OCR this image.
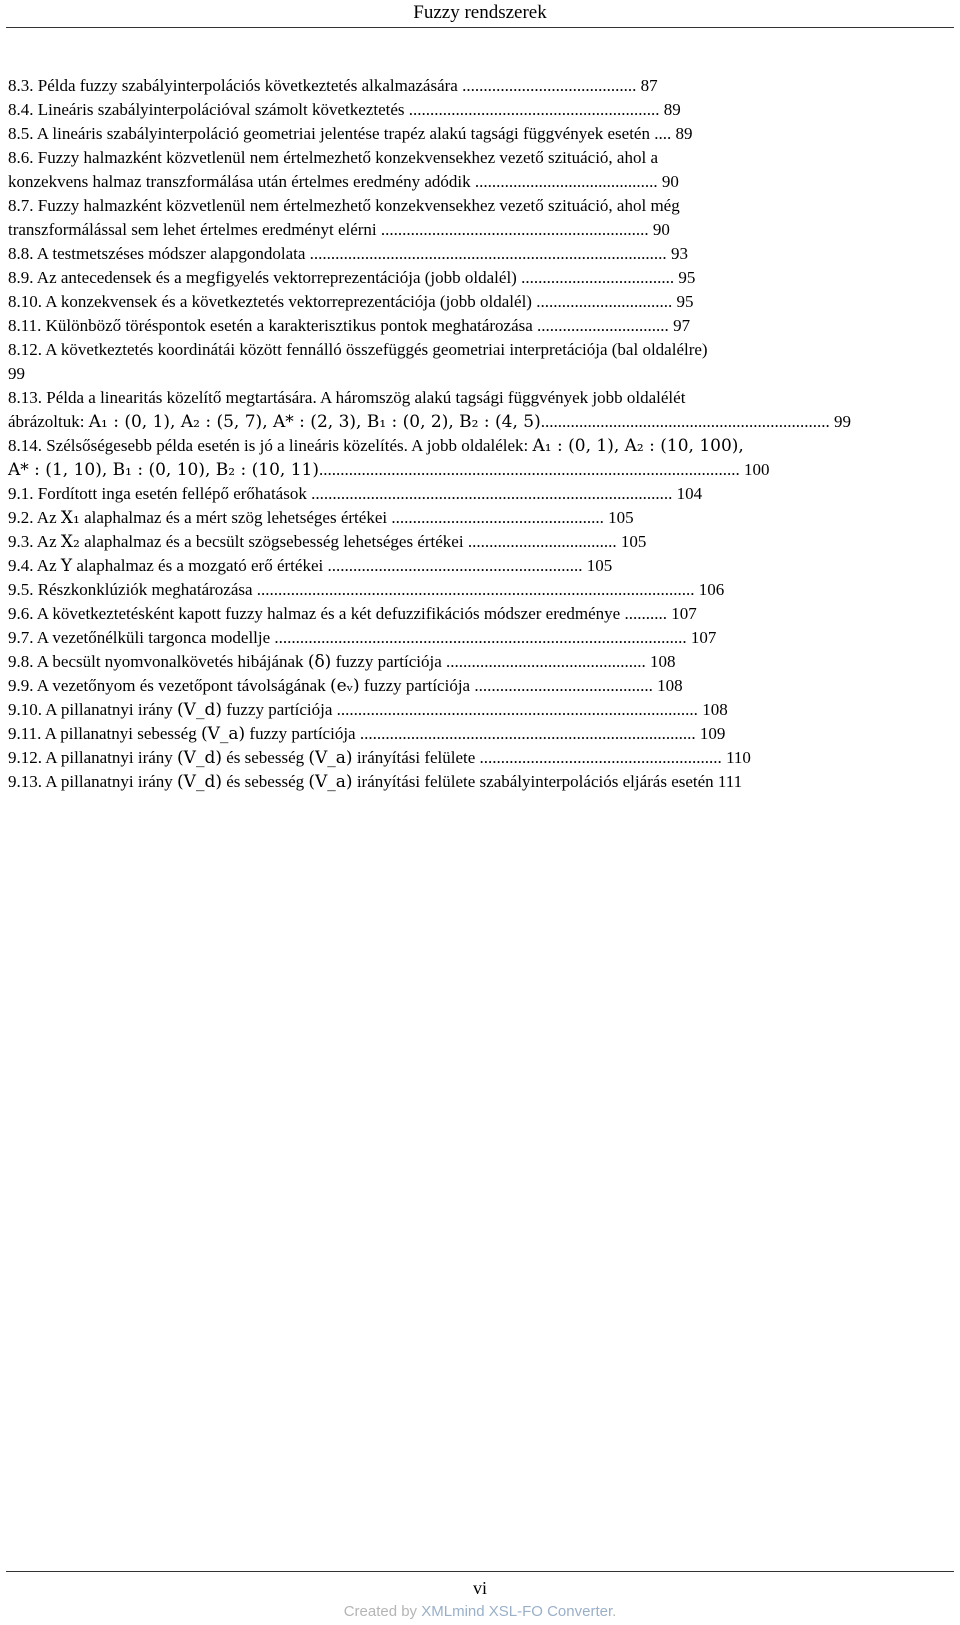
Fuzzy rendszerek
8.3. Példa fuzzy szabályinterpolációs következtetés alkalmazására ......................................... 87
8.4. Lineáris szabályinterpolációval számolt következtetés ........................................................... 89
8.5. A lineáris szabályinterpoláció geometriai jelentése trapéz alakú tagsági függvények esetén .... 89
8.6. Fuzzy halmazként közvetlenül nem értelmezhető konzekvensekhez vezető szituáció, ahol a
konzekvens halmaz transzformálása után értelmes eredmény adódik ........................................... 90
8.7. Fuzzy halmazként közvetlenül nem értelmezhető konzekvensekhez vezető szituáció, ahol még
transzformálással sem lehet értelmes eredményt elérni ............................................................... 90
8.8. A testmetszéses módszer alapgondolata .................................................................................... 93
8.9. Az antecedensek és a megfigyelés vektorreprezentációja (jobb oldalél) .................................... 95
8.10. A konzekvensek és a következtetés vektorreprezentációja (jobb oldalél) ................................ 95
8.11. Különböző töréspontok esetén a karakterisztikus pontok meghatározása ............................... 97
8.12. A következtetés koordinátái között fennálló összefüggés geometriai interpretációja (bal oldalélre)
99
8.13. Példa a linearitás közelítő megtartására. A háromszög alakú tagsági függvények jobb oldalélét
ábrázoltuk: A₁ : (0, 1), A₂ : (5, 7), A* : (2, 3), B₁ : (0, 2), B₂ : (4, 5).................................................................... 99
8.14. Szélsőségesebb példa esetén is jó a lineáris közelítés. A jobb oldalélek: A₁ : (0, 1), A₂ : (10, 100),
A* : (1, 10), B₁ : (0, 10), B₂ : (10, 11)................................................................................................... 100
9.1. Fordított inga esetén fellépő erőhatások ..................................................................................... 104
9.2. Az X₁ alaphalmaz és a mért szög lehetséges értékei .................................................. 105
9.3. Az X₂ alaphalmaz és a becsült szögsebesség lehetséges értékei ................................... 105
9.4. Az Y alaphalmaz és a mozgató erő értékei ............................................................ 105
9.5. Részkonklúziók meghatározása ....................................................................................................... 106
9.6. A következtetésként kapott fuzzy halmaz és a két defuzzifikációs módszer eredménye .......... 107
9.7. A vezetőnélküli targonca modellje ................................................................................................. 107
9.8. A becsült nyomvonalkövetés hibájának (δ) fuzzy partíciója ............................................... 108
9.9. A vezetőnyom és vezetőpont távolságának (eᵥ) fuzzy partíciója .......................................... 108
9.10. A pillanatnyi irány (V_d) fuzzy partíciója ..................................................................................... 108
9.11. A pillanatnyi sebesség (V_a) fuzzy partíciója ............................................................................... 109
9.12. A pillanatnyi irány (V_d) és sebesség (V_a) irányítási felülete ......................................................... 110
9.13. A pillanatnyi irány (V_d) és sebesség (V_a) irányítási felülete szabályinterpolációs eljárás esetén 111
vi
Created by XMLmind XSL-FO Converter.
